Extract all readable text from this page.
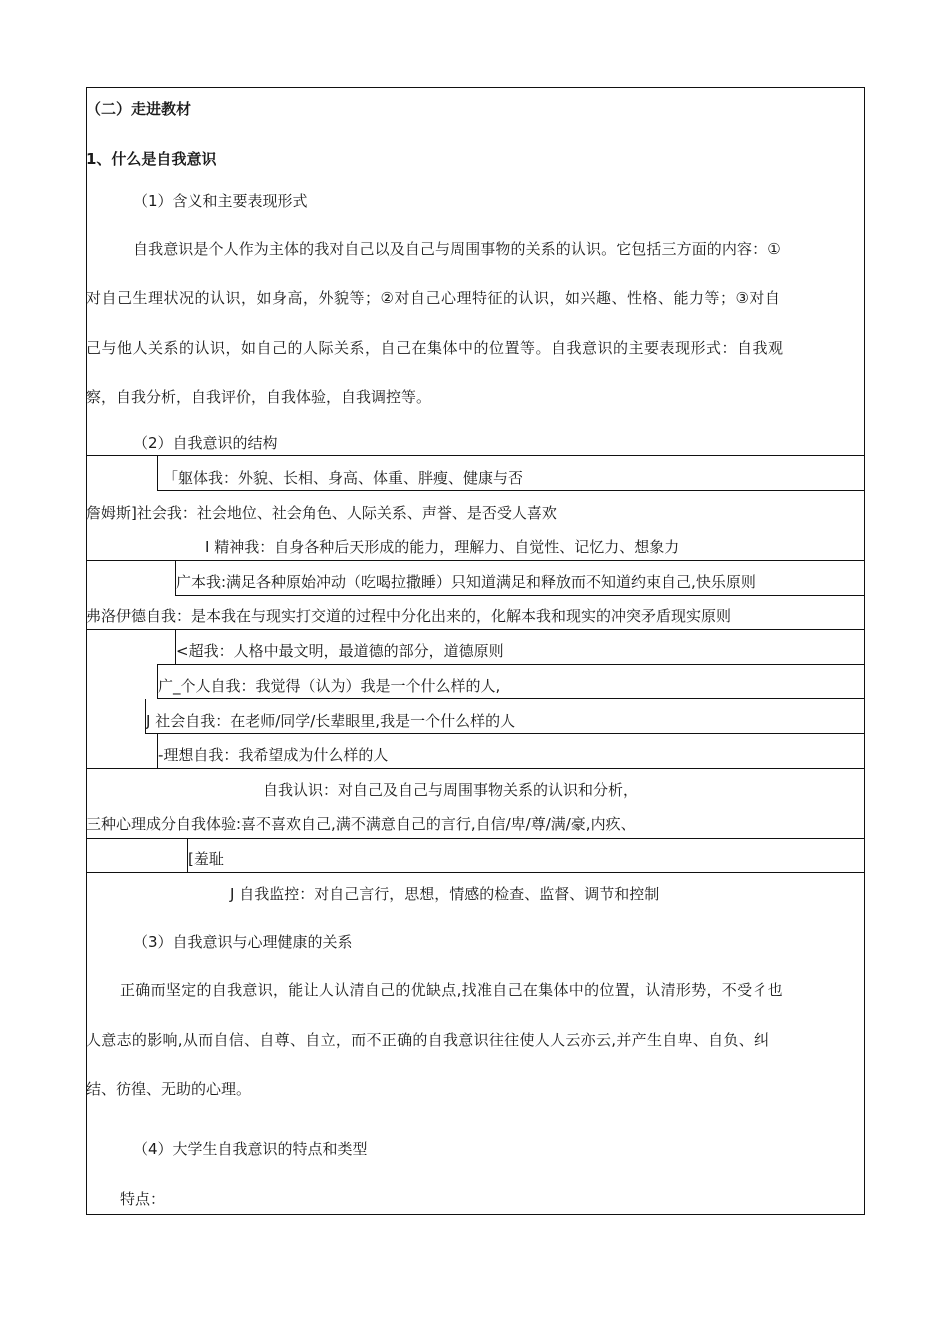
（二）走进教材
1、什么是自我意识
（1）含义和主要表现形式
自我意识是个人作为主体的我对自己以及自己与周围事物的关系的认识。它包括三方面的内容：①
对自己生理状况的认识，如身高，外貌等；②对自己心理特征的认识，如兴趣、性格、能力等；③对自
己与他人关系的认识，如自己的人际关系，自己在集体中的位置等。自我意识的主要表现形式：自我观
察，自我分析，自我评价，自我体验，自我调控等。
（2）自我意识的结构
「躯体我：外貌、长相、身高、体重、胖瘦、健康与否
詹姆斯]社会我：社会地位、社会角色、人际关系、声誉、是否受人喜欢
I 精神我：自身各种后天形成的能力，理解力、自觉性、记忆力、想象力
广本我:满足各种原始冲动（吃喝拉撒睡）只知道满足和释放而不知道约束自己,快乐原则
弗洛伊德自我：是本我在与现实打交道的过程中分化出来的，化解本我和现实的冲突矛盾现实原则
<超我：人格中最文明，最道德的部分，道德原则
广_个人自我：我觉得（认为）我是一个什么样的人,
J 社会自我：在老师/同学/长辈眼里,我是一个什么样的人
-理想自我：我希望成为什么样的人
自我认识：对自己及自己与周围事物关系的认识和分析，
三种心理成分自我体验:喜不喜欢自己,满不满意自己的言行,自信/卑/尊/满/豪,内疚、
[羞耻
J 自我监控：对自己言行，思想，情感的检查、监督、调节和控制
（3）自我意识与心理健康的关系
正确而坚定的自我意识，能让人认清自己的优缺点,找准自己在集体中的位置，认清形势，不受彳也
人意志的影响,从而自信、自尊、自立，而不正确的自我意识往往使人人云亦云,并产生自卑、自负、纠
结、彷徨、无助的心理。
（4）大学生自我意识的特点和类型
特点：
